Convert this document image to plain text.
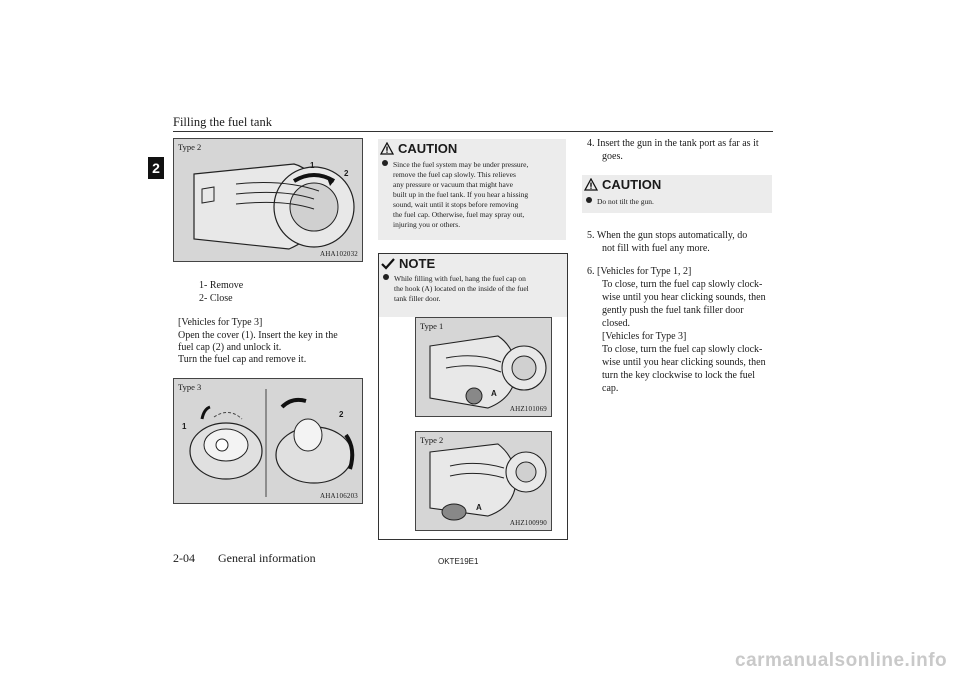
Filling the fuel tank
2
Type 2
1
2
AHA102032
1- Remove
2- Close
[Vehicles for Type 3]
Open the cover (1). Insert the key in the
fuel cap (2) and unlock it.
Turn the fuel cap and remove it.
Type 3
1
2
AHA106203
CAUTION
Since the fuel system may be under pressure,
remove the fuel cap slowly. This relieves
any pressure or vacuum that might have
built up in the fuel tank. If you hear a hissing
sound, wait until it stops before removing
the fuel cap. Otherwise, fuel may spray out,
injuring you or others.
NOTE
While filling with fuel, hang the fuel cap on
the hook (A) located on the inside of the fuel
tank filler door.
Type 1
A
AHZ101069
Type 2
A
AHZ100990
4. Insert the gun in the tank port as far as it
goes.
CAUTION
Do not tilt the gun.
5. When the gun stops automatically, do
not fill with fuel any more.
6. [Vehicles for Type 1, 2]
To close, turn the fuel cap slowly clock-
wise until you hear clicking sounds, then
gently push the fuel tank filler door
closed.
[Vehicles for Type 3]
To close, turn the fuel cap slowly clock-
wise until you hear clicking sounds, then
turn the key clockwise to lock the fuel
cap.
2-04 General information	OKTE19E1
carmanualsonline.info
